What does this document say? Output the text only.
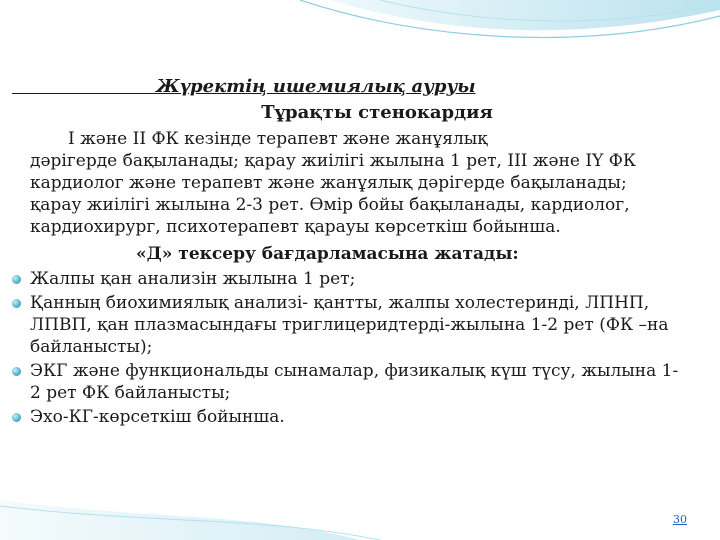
Жүректің ишемиялық ауруы
Тұрақты стенокардия
І және ІІ ФК кезінде терапевт және жанұялық
дәрігерде бақыланады; қарау жиілігі жылына 1 рет, ІІІ және ІҮ ФК кардиолог және терапевт және жанұялық дәрігерде бақыланады; қарау жиілігі жылына 2-3 рет. Өмір бойы бақыланады, кардиолог, кардиохирург, психотерапевт қарауы көрсеткіш бойынша.
«Д» тексеру бағдарламасына жатады:
Жалпы қан анализін жылына 1 рет;
Қанның биохимиялық анализі- қантты, жалпы холестеринді, ЛПНП, ЛПВП, қан плазмасындағы триглицеридтерді-жылына 1-2 рет (ФК –на байланысты);
ЭКГ және функциональды сынамалар, физикалық күш түсу, жылына 1-2 рет ФК байланысты;
Эхо-КГ-көрсеткіш бойынша.
30
